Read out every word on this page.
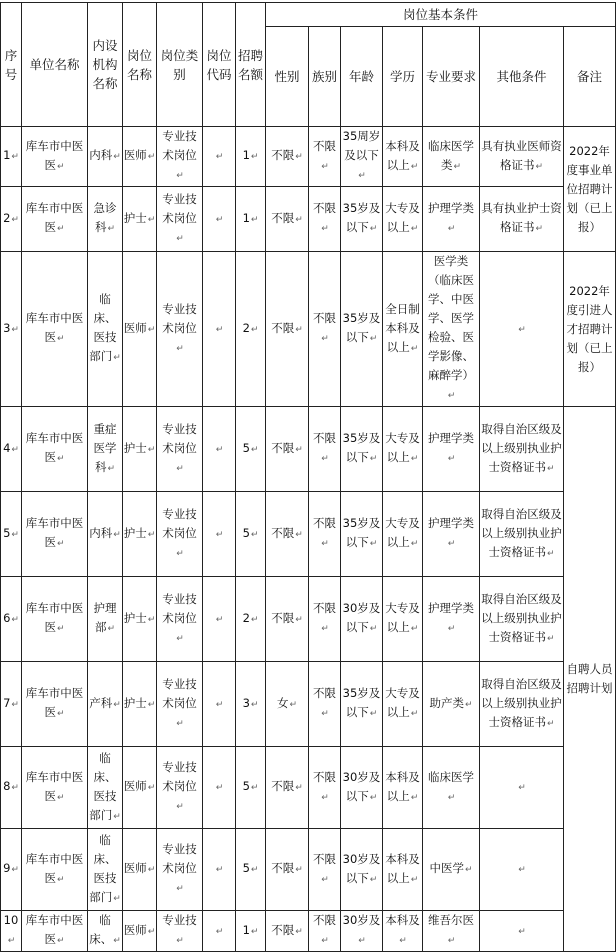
序号	单位名称	内设机构名称	岗位名称	岗位类别	岗位代码	招聘名额	岗位基本条件						
							性别	族别	年龄	学历	专业要求	其他条件	备注
1↵	库车市中医医↵	内科↵	医师↵	专业技术岗位↵	↵	1↵	不限↵	不限↵	35周岁及以下↵	本科及以上↵	临床医学类↵	具有执业医师资格证书↵	2022年度事业单位招聘计划（已上报）
2↵	库车市中医医↵	急诊科↵	护士↵	专业技术岗位↵	↵	1↵	不限↵	不限↵	35岁及以下↵	大专及以上↵	护理学类↵	具有执业护士资格证书↵	
3↵	库车市中医医↵	临床、医技部门↵	医师↵	专业技术岗位↵	↵	2↵	不限↵	不限↵	35岁及以下↵	全日制本科及以上↵	医学类（临床医学、中医学、医学检验、医学影像、麻醉学）↵	↵	2022年度引进人才招聘计划（已上报）
4↵	库车市中医医↵	重症医学科↵	护士↵	专业技术岗位↵	↵	5↵	不限↵	不限↵	35岁及以下↵	大专及以上↵	护理学类↵	取得自治区级及以上级别执业护士资格证书↵	自聘人员招聘计划
5↵	库车市中医医↵	内科↵	护士↵	专业技术岗位↵	↵	5↵	不限↵	不限↵	35岁及以下↵	大专及以上↵	护理学类↵	取得自治区级及以上级别执业护士资格证书↵	
6↵	库车市中医医↵	护理部↵	护士↵	专业技术岗位↵	↵	2↵	不限↵	不限↵	30岁及以下↵	大专及以上↵	护理学类↵	取得自治区级及以上级别执业护士资格证书↵	
7↵	库车市中医医↵	产科↵	护士↵	专业技术岗位↵	↵	3↵	女↵	不限↵	35岁及以下↵	大专及以上↵	助产类↵	取得自治区级及以上级别执业护士资格证书↵	
8↵	库车市中医医↵	临床、医技部门↵	医师↵	专业技术岗位↵	↵	5↵	不限↵	不限↵	30岁及以下↵	本科及以上↵	临床医学↵	↵	
9↵	库车市中医医↵	临床、医技部门↵	医师↵	专业技术岗位↵	↵	5↵	不限↵	不限↵	30岁及以下↵	本科及以上↵	中医学↵	↵	
10↵	库车市中医医↵	临床、↵	医师↵	专业技↵	↵	1↵	不限↵	不限↵	30岁及↵	本科及↵	维吾尔医↵	↵	
